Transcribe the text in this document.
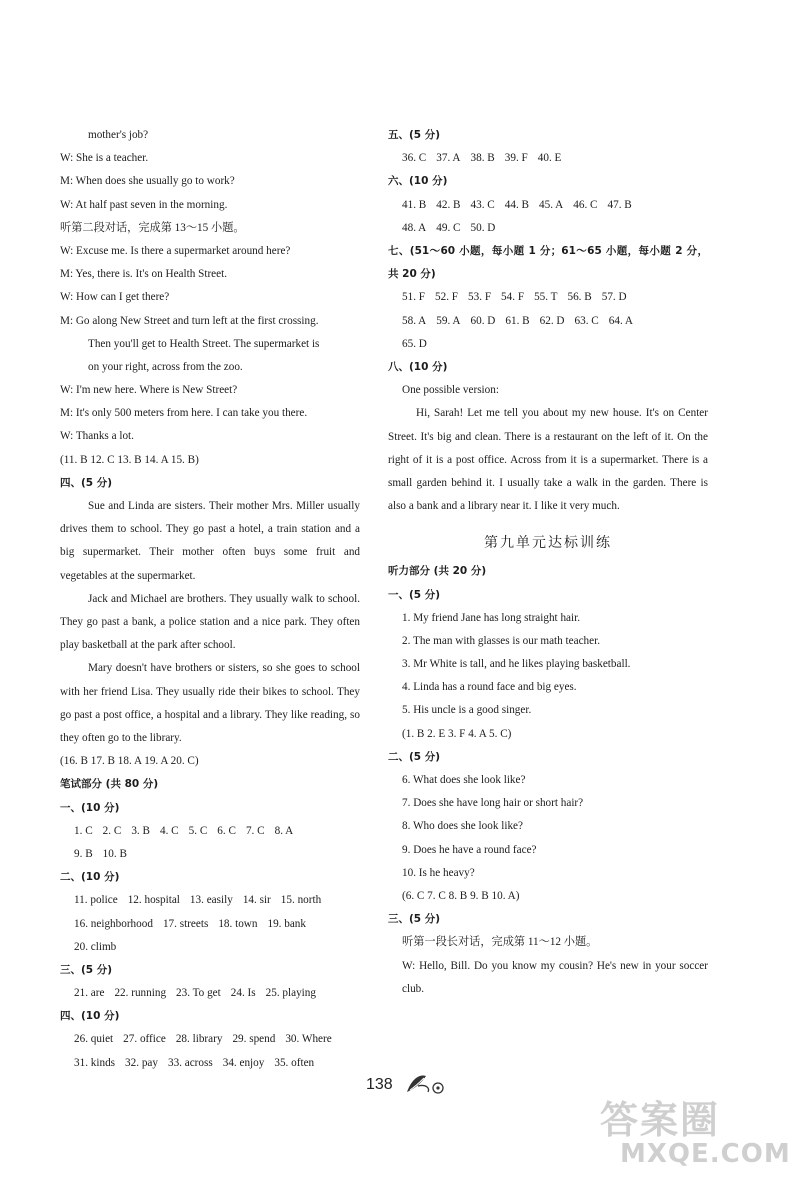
mother's job?
W: She is a teacher.
M: When does she usually go to work?
W: At half past seven in the morning.
听第二段对话，完成第 13～15 小题。
W: Excuse me. Is there a supermarket around here?
M: Yes, there is. It's on Health Street.
W: How can I get there?
M: Go along New Street and turn left at the first crossing.
Then you'll get to Health Street. The supermarket is
on your right, across from the zoo.
W: I'm new here. Where is New Street?
M: It's only 500 meters from here. I can take you there.
W: Thanks a lot.
(11. B 12. C 13. B 14. A 15. B)
四、(5 分)
Sue and Linda are sisters. Their mother Mrs. Miller usually drives them to school. They go past a hotel, a train station and a big supermarket. Their mother often buys some fruit and vegetables at the supermarket.
Jack and Michael are brothers. They usually walk to school. They go past a bank, a police station and a nice park. They often play basketball at the park after school.
Mary doesn't have brothers or sisters, so she goes to school with her friend Lisa. They usually ride their bikes to school. They go past a post office, a hospital and a library. They like reading, so they often go to the library.
(16. B 17. B 18. A 19. A 20. C)
笔试部分 (共 80 分)
一、(10 分)
1. C 2. C 3. B 4. C 5. C 6. C 7. C 8. A
9. B 10. B
二、(10 分)
11. police 12. hospital 13. easily 14. sir 15. north
16. neighborhood 17. streets 18. town 19. bank
20. climb
三、(5 分)
21. are 22. running 23. To get 24. Is 25. playing
四、(10 分)
26. quiet 27. office 28. library 29. spend 30. Where
31. kinds 32. pay 33. across 34. enjoy 35. often
五、(5 分)
36. C 37. A 38. B 39. F 40. E
六、(10 分)
41. B 42. B 43. C 44. B 45. A 46. C 47. B
48. A 49. C 50. D
七、(51～60 小题，每小题 1 分；61～65 小题，每小题 2 分，共 20 分)
51. F 52. F 53. F 54. F 55. T 56. B 57. D
58. A 59. A 60. D 61. B 62. D 63. C 64. A
65. D
八、(10 分)
One possible version:
Hi, Sarah! Let me tell you about my new house. It's on Center Street. It's big and clean. There is a restaurant on the left of it. On the right of it is a post office. Across from it is a supermarket. There is a small garden behind it. I usually take a walk in the garden. There is also a bank and a library near it. I like it very much.
第九单元达标训练
听力部分 (共 20 分)
一、(5 分)
1. My friend Jane has long straight hair.
2. The man with glasses is our math teacher.
3. Mr White is tall, and he likes playing basketball.
4. Linda has a round face and big eyes.
5. His uncle is a good singer.
(1. B 2. E 3. F 4. A 5. C)
二、(5 分)
6. What does she look like?
7. Does she have long hair or short hair?
8. Who does she look like?
9. Does he have a round face?
10. Is he heavy?
(6. C 7. C 8. B 9. B 10. A)
三、(5 分)
听第一段长对话，完成第 11～12 小题。
W: Hello, Bill. Do you know my cousin? He's new in your soccer club.
138
答案圈
MXQE.COM
